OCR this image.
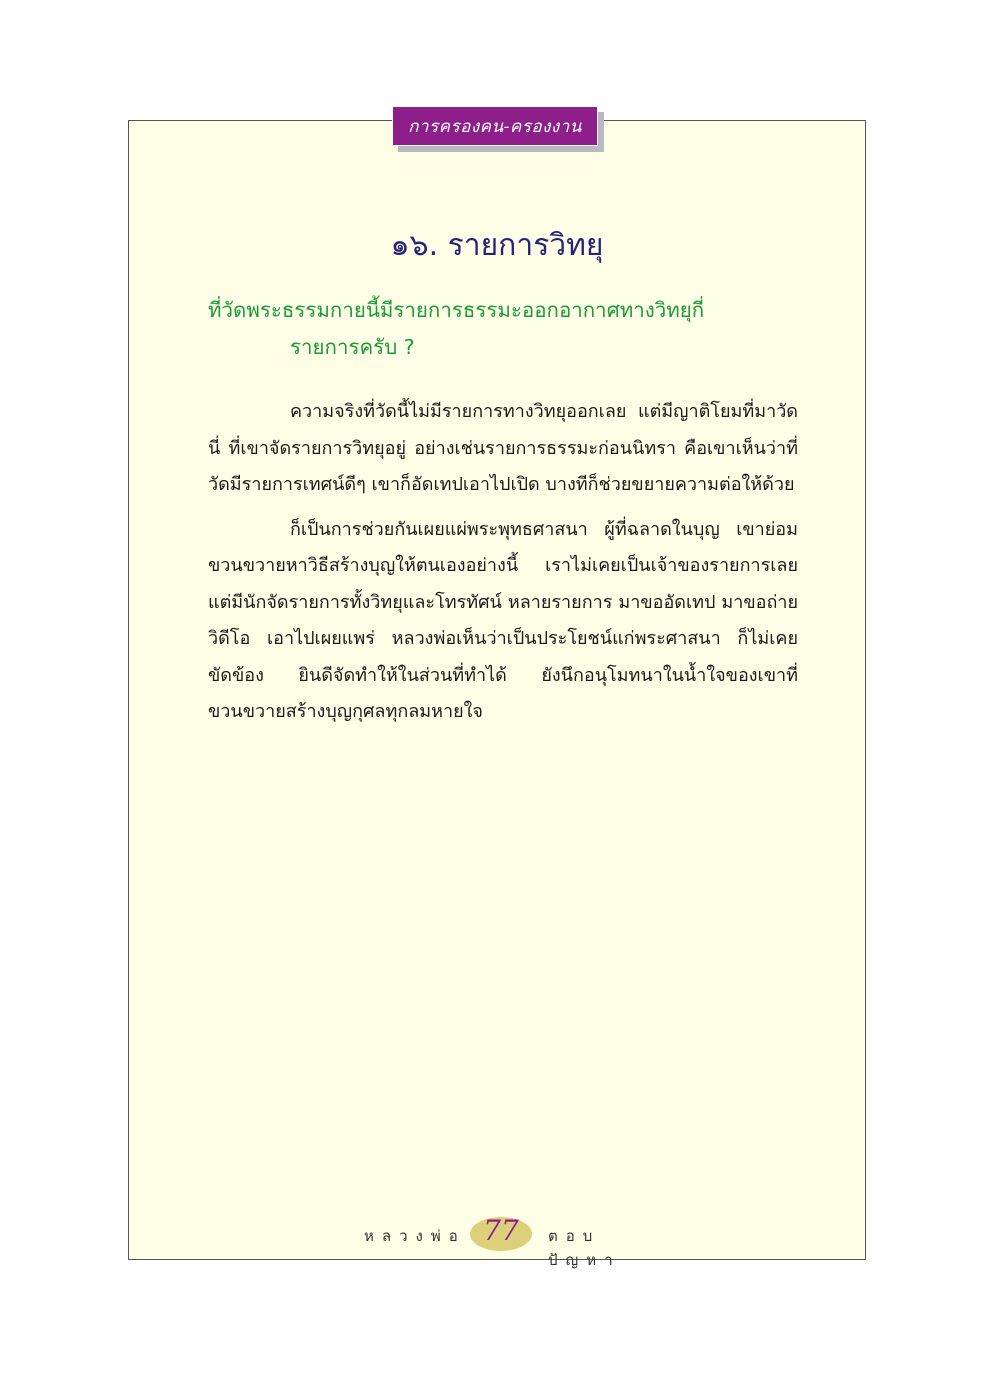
การครองคน-ครองงาน
๑๖. รายการวิทยุ
ที่วัดพระธรรมกายนี้มีรายการธรรมะออกอากาศทางวิทยุกี่
รายการครับ ?

ความจริงที่วัดนี้ไม่มีรายการทางวิทยุออกเลย แต่มีญาติโยมที่มาวัดนี่ ที่เขาจัดรายการวิทยุอยู่ อย่างเช่นรายการธรรมะก่อนนิทรา คือเขาเห็นว่าที่วัดมีรายการเทศน์ดีๆ เขาก็อัดเทปเอาไปเปิด บางทีก็ช่วยขยายความต่อให้ด้วย

ก็เป็นการช่วยกันเผยแผ่พระพุทธศาสนา ผู้ที่ฉลาดในบุญ เขาย่อมขวนขวายหาวิธีสร้างบุญให้ตนเองอย่างนี้ เราไม่เคยเป็นเจ้าของรายการเลย แต่มีนักจัดรายการทั้งวิทยุและโทรทัศน์ หลายรายการ มาขออัดเทป มาขอถ่ายวิดีโอ เอาไปเผยแพร่ หลวงพ่อเห็นว่าเป็นประโยชน์แก่พระศาสนา ก็ไม่เคยขัดข้อง ยินดีจัดทำให้ในส่วนที่ทำได้ ยังนึกอนุโมทนาในน้ำใจของเขาที่ขวนขวายสร้างบุญกุศลทุกลมหายใจ

หลวงพ่อ 77	ตอบปัญหา
